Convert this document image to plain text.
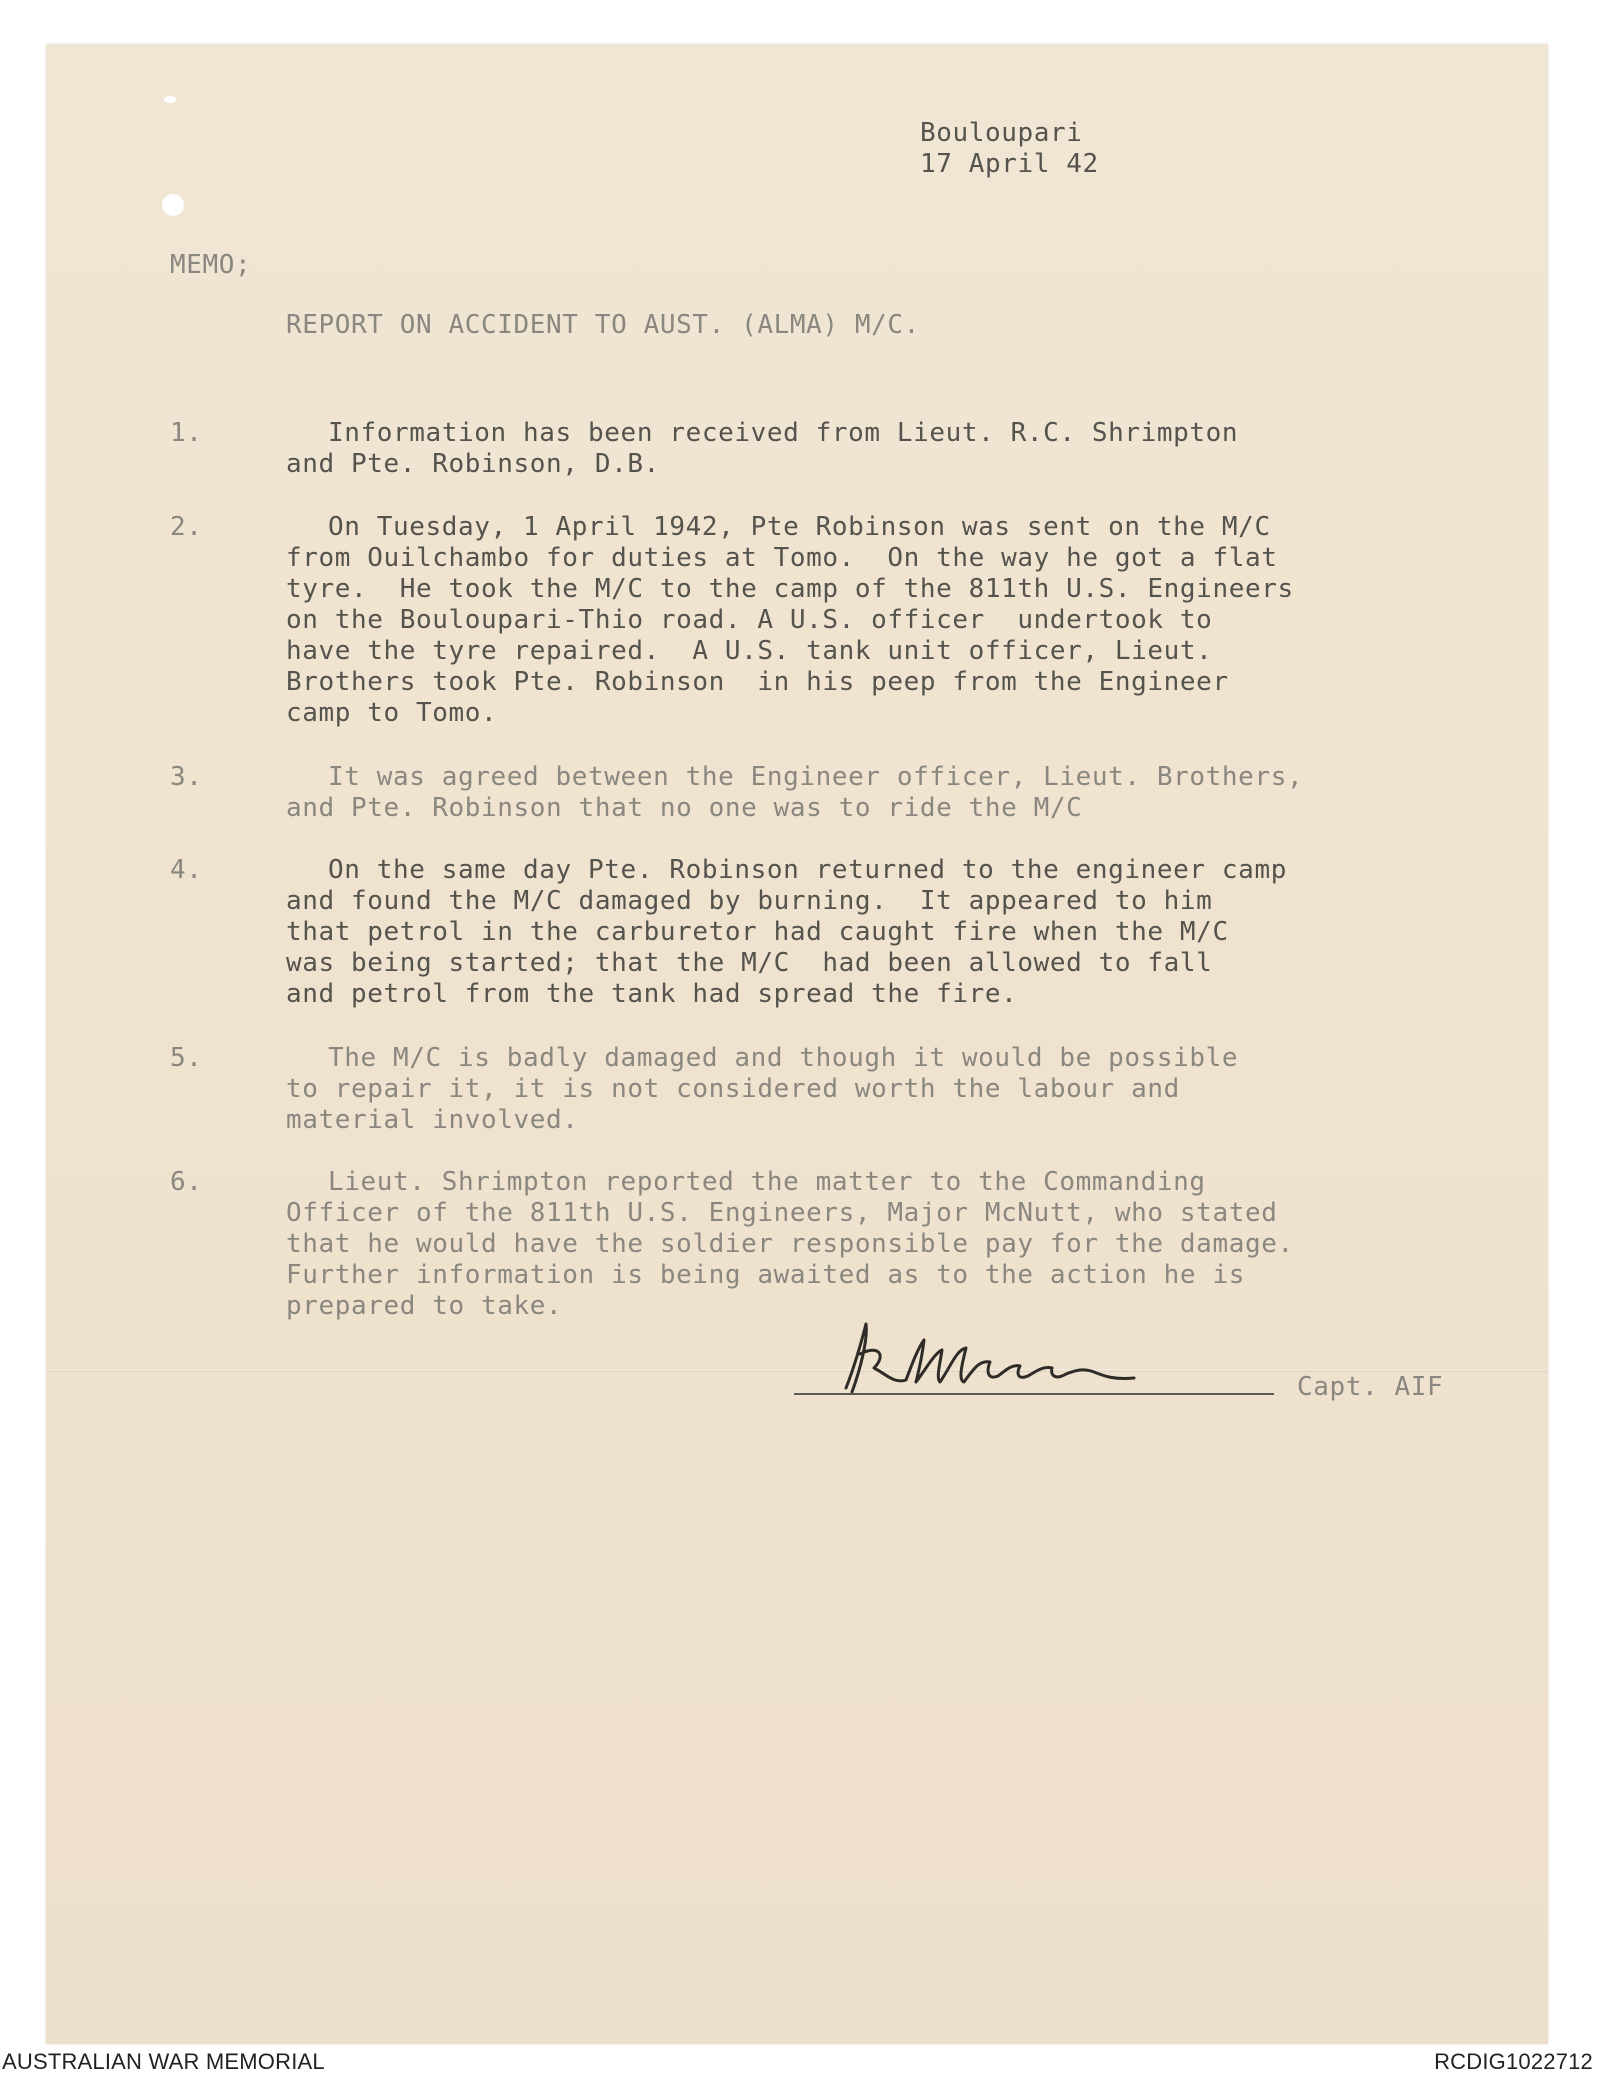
Bouloupari
17 April 42
MEMO;
REPORT ON ACCIDENT TO AUST. (ALMA) M/C.
1.	Information has been received from Lieut. R.C. Shrimpton
and Pte. Robinson, D.B.
2.	On Tuesday, 1 April 1942, Pte Robinson was sent on the M/C
from Ouilchambo for duties at Tomo.  On the way he got a flat
tyre.  He took the M/C to the camp of the 811th U.S. Engineers
on the Bouloupari-Thio road. A U.S. officer  undertook to
have the tyre repaired.  A U.S. tank unit officer, Lieut.
Brothers took Pte. Robinson  in his peep from the Engineer
camp to Tomo.
3.	It was agreed between the Engineer officer, Lieut. Brothers,
and Pte. Robinson that no one was to ride the M/C
4.	On the same day Pte. Robinson returned to the engineer camp
and found the M/C damaged by burning.  It appeared to him
that petrol in the carburetor had caught fire when the M/C
was being started; that the M/C  had been allowed to fall
and petrol from the tank had spread the fire.
5.	The M/C is badly damaged and though it would be possible
to repair it, it is not considered worth the labour and
material involved.
6.	Lieut. Shrimpton reported the matter to the Commanding
Officer of the 811th U.S. Engineers, Major McNutt, who stated
that he would have the soldier responsible pay for the damage.
Further information is being awaited as to the action he is
prepared to take.
Capt. AIF
AUSTRALIAN WAR MEMORIAL	RCDIG1022712
